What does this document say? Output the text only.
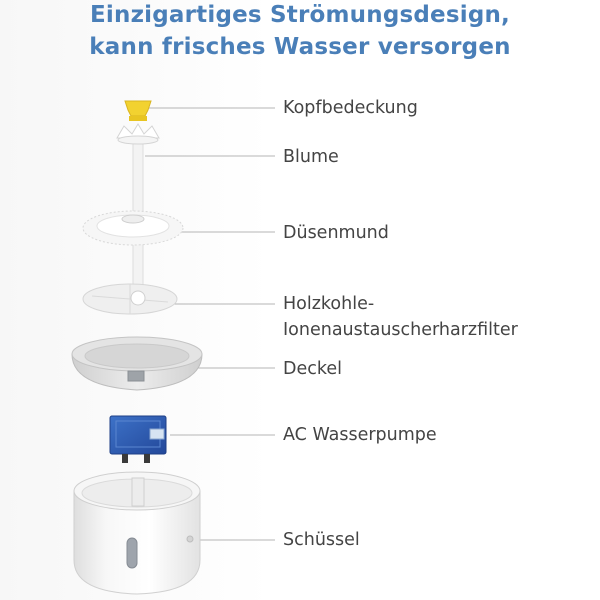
Einzigartiges Strömungsdesign,
kann frisches Wasser versorgen
Kopfbedeckung
Blume
Düsenmund
Holzkohle-
Ionenaustauscherharzfilter
Deckel
AC Wasserpumpe
Schüssel
